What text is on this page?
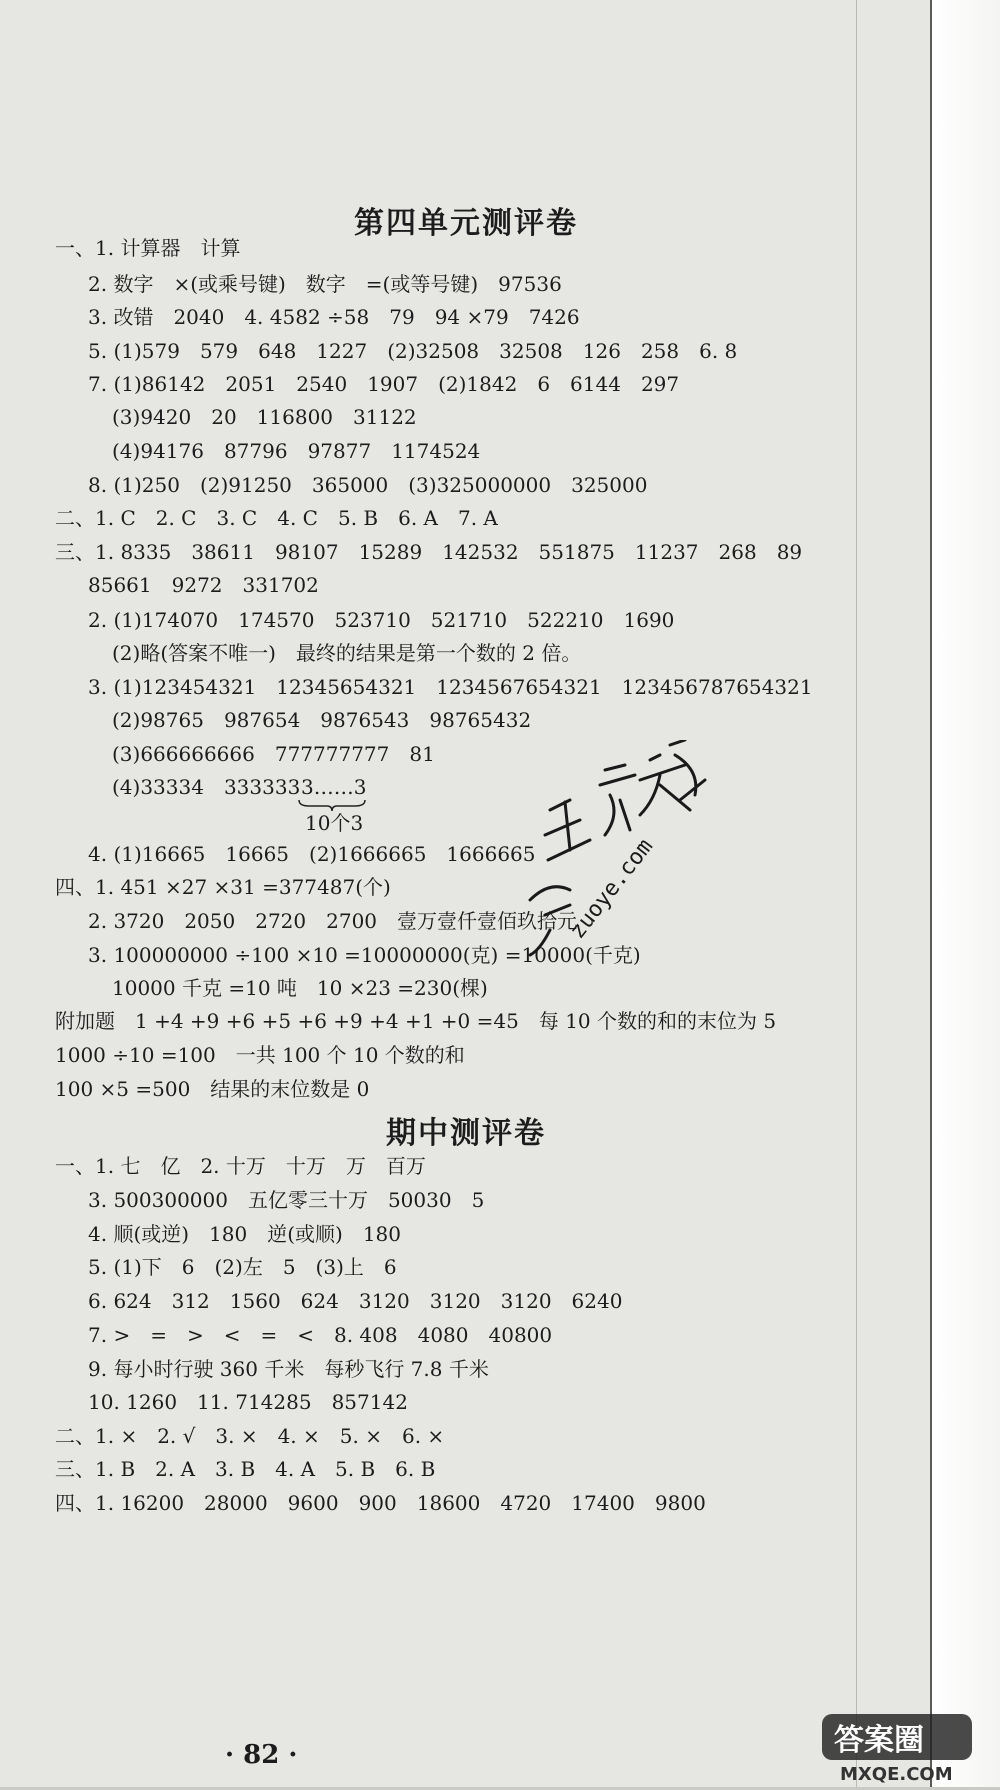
第四单元测评卷
一、1. 计算器　计算
2. 数字　×(或乘号键)　数字　=(或等号键)　97536
3. 改错　2040　4. 4582 ÷58　79　94 ×79　7426
5. (1)579　579　648　1227　(2)32508　32508　126　258　6. 8
7. (1)86142　2051　2540　1907　(2)1842　6　6144　297
(3)9420　20　116800　31122
(4)94176　87796　97877　1174524
8. (1)250　(2)91250　365000　(3)325000000　325000
二、1. C　2. C　3. C　4. C　5. B　6. A　7. A
三、1. 8335　38611　98107　15289　142532　551875　11237　268　89
85661　9272　331702
2. (1)174070　174570　523710　521710　522210　1690
(2)略(答案不唯一)　最终的结果是第一个数的 2 倍。
3. (1)123454321　12345654321　1234567654321　123456787654321
(2)98765　987654　9876543　98765432
(3)666666666　777777777　81
(4)33334　333333 3……3
10个3
4. (1)16665　16665　(2)1666665　1666665
四、1. 451 ×27 ×31 =377487(个)
2. 3720　2050　2720　2700　壹万壹仟壹佰玖拾元
3. 100000000 ÷100 ×10 =10000000(克) =10000(千克)
10000 千克 =10 吨　10 ×23 =230(棵)
附加题　1 +4 +9 +6 +5 +6 +9 +4 +1 +0 =45　每 10 个数的和的末位为 5
1000 ÷10 =100　一共 100 个 10 个数的和
100 ×5 =500　结果的末位数是 0
期中测评卷
一、1. 七　亿　2. 十万　十万　万　百万
3. 500300000　五亿零三十万　50030　5
4. 顺(或逆)　180　逆(或顺)　180
5. (1)下　6　(2)左　5　(3)上　6
6. 624　312　1560　624　3120　3120　3120　6240
7. >　=　>　<　=　<　8. 408　4080　40800
9. 每小时行驶 360 千米　每秒飞行 7.8 千米
10. 1260　11. 714285　857142
二、1. ×　2. √　3. ×　4. ×　5. ×　6. ×
三、1. B　2. A　3. B　4. A　5. B　6. B
四、1. 16200　28000　9600　900　18600　4720　17400　9800
· 82 ·
zuoye.com
答案圈
MXQE.COM
